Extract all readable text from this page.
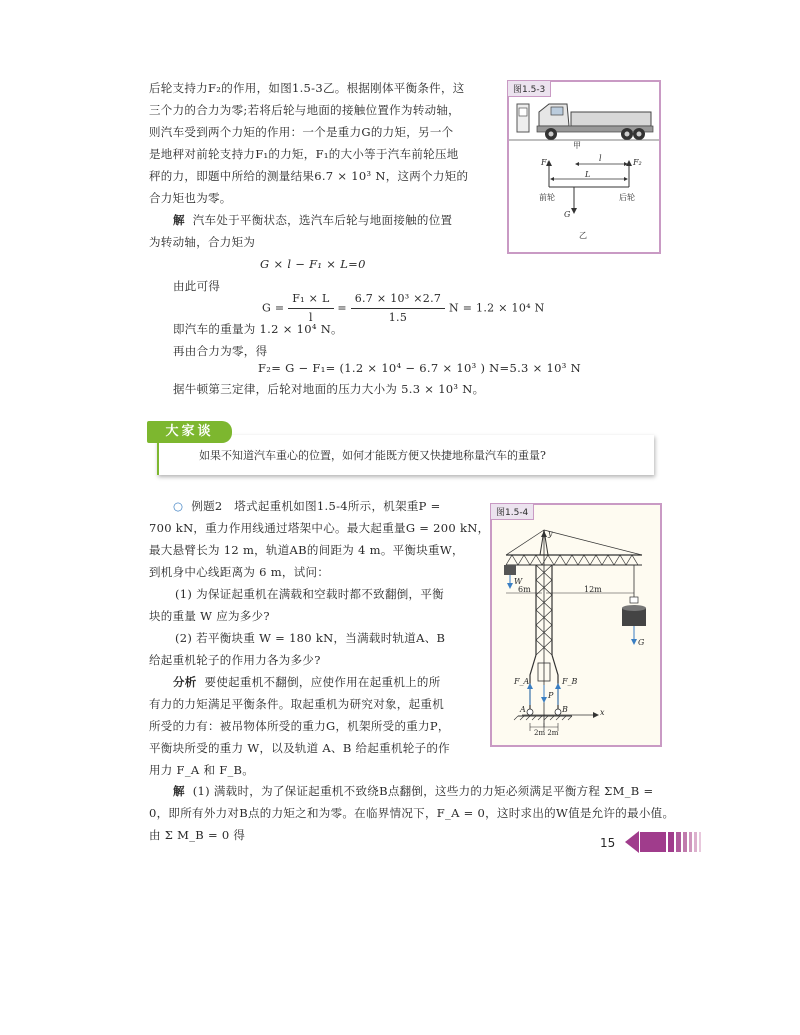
后轮支持力F₂的作用，如图1.5-3乙。根据刚体平衡条件，这
三个力的合力为零;若将后轮与地面的接触位置作为转动轴，
则汽车受到两个力矩的作用：一个是重力G的力矩，另一个
是地秤对前轮支持力F₁的力矩，F₁的大小等于汽车前轮压地
秤的力，即题中所给的测量结果6.7 × 10³ N，这两个力矩的
合力矩也为零。
解 汽车处于平衡状态，选汽车后轮与地面接触的位置
为转动轴，合力矩为
G × l − F₁ × L=0
由此可得
$G = \frac{\text{F₁ × L}}{l} = \frac{\text{6.7 × 10³ ×2.7}}{1.5}$ N = 1.2 × 10⁴ N
即汽车的重量为 1.2 × 10⁴ N。
再由合力为零，得
F₂= G − F₁= (1.2 × 10⁴ − 6.7 × 10³ ) N=5.3 × 10³ N
据牛顿第三定律，后轮对地面的压力大小为 5.3 × 10³ N。
图1.5-3
甲
F₁	F₂
l
L
G
前轮	后轮
乙
如果不知道汽车重心的位置，如何才能既方便又快捷地称量汽车的重量?
大家谈
○ 例题2　塔式起重机如图1.5-4所示，机架重P =
700 kN，重力作用线通过塔架中心。最大起重量G = 200 kN，
最大悬臂长为 12 m，轨道AB的间距为 4 m。平衡块重W，
到机身中心线距离为 6 m，试问：
(1) 为保证起重机在满载和空载时都不致翻倒，平衡
块的重量 W 应为多少?
(2) 若平衡块重 W = 180 kN，当满载时轨道A、B
给起重机轮子的作用力各为多少?
分析 要使起重机不翻倒，应使作用在起重机上的所
有力的力矩满足平衡条件。取起重机为研究对象，起重机
所受的力有：被吊物体所受的重力G，机架所受的重力P，
平衡块所受的重力 W，以及轨道 A、B 给起重机轮子的作
用力 F_A 和 F_B。
解 (1) 满载时，为了保证起重机不致绕B点翻倒，这些力的力矩必须满足平衡方程 ΣM_B =
0，即所有外力对B点的力矩之和为零。在临界情况下，F_A = 0，这时求出的W值是允许的最小值。
由 Σ M_B = 0 得
图1.5-4
y
x
W
6m	12m
P
G
F_A	F_B
A	B
2m 2m
15
